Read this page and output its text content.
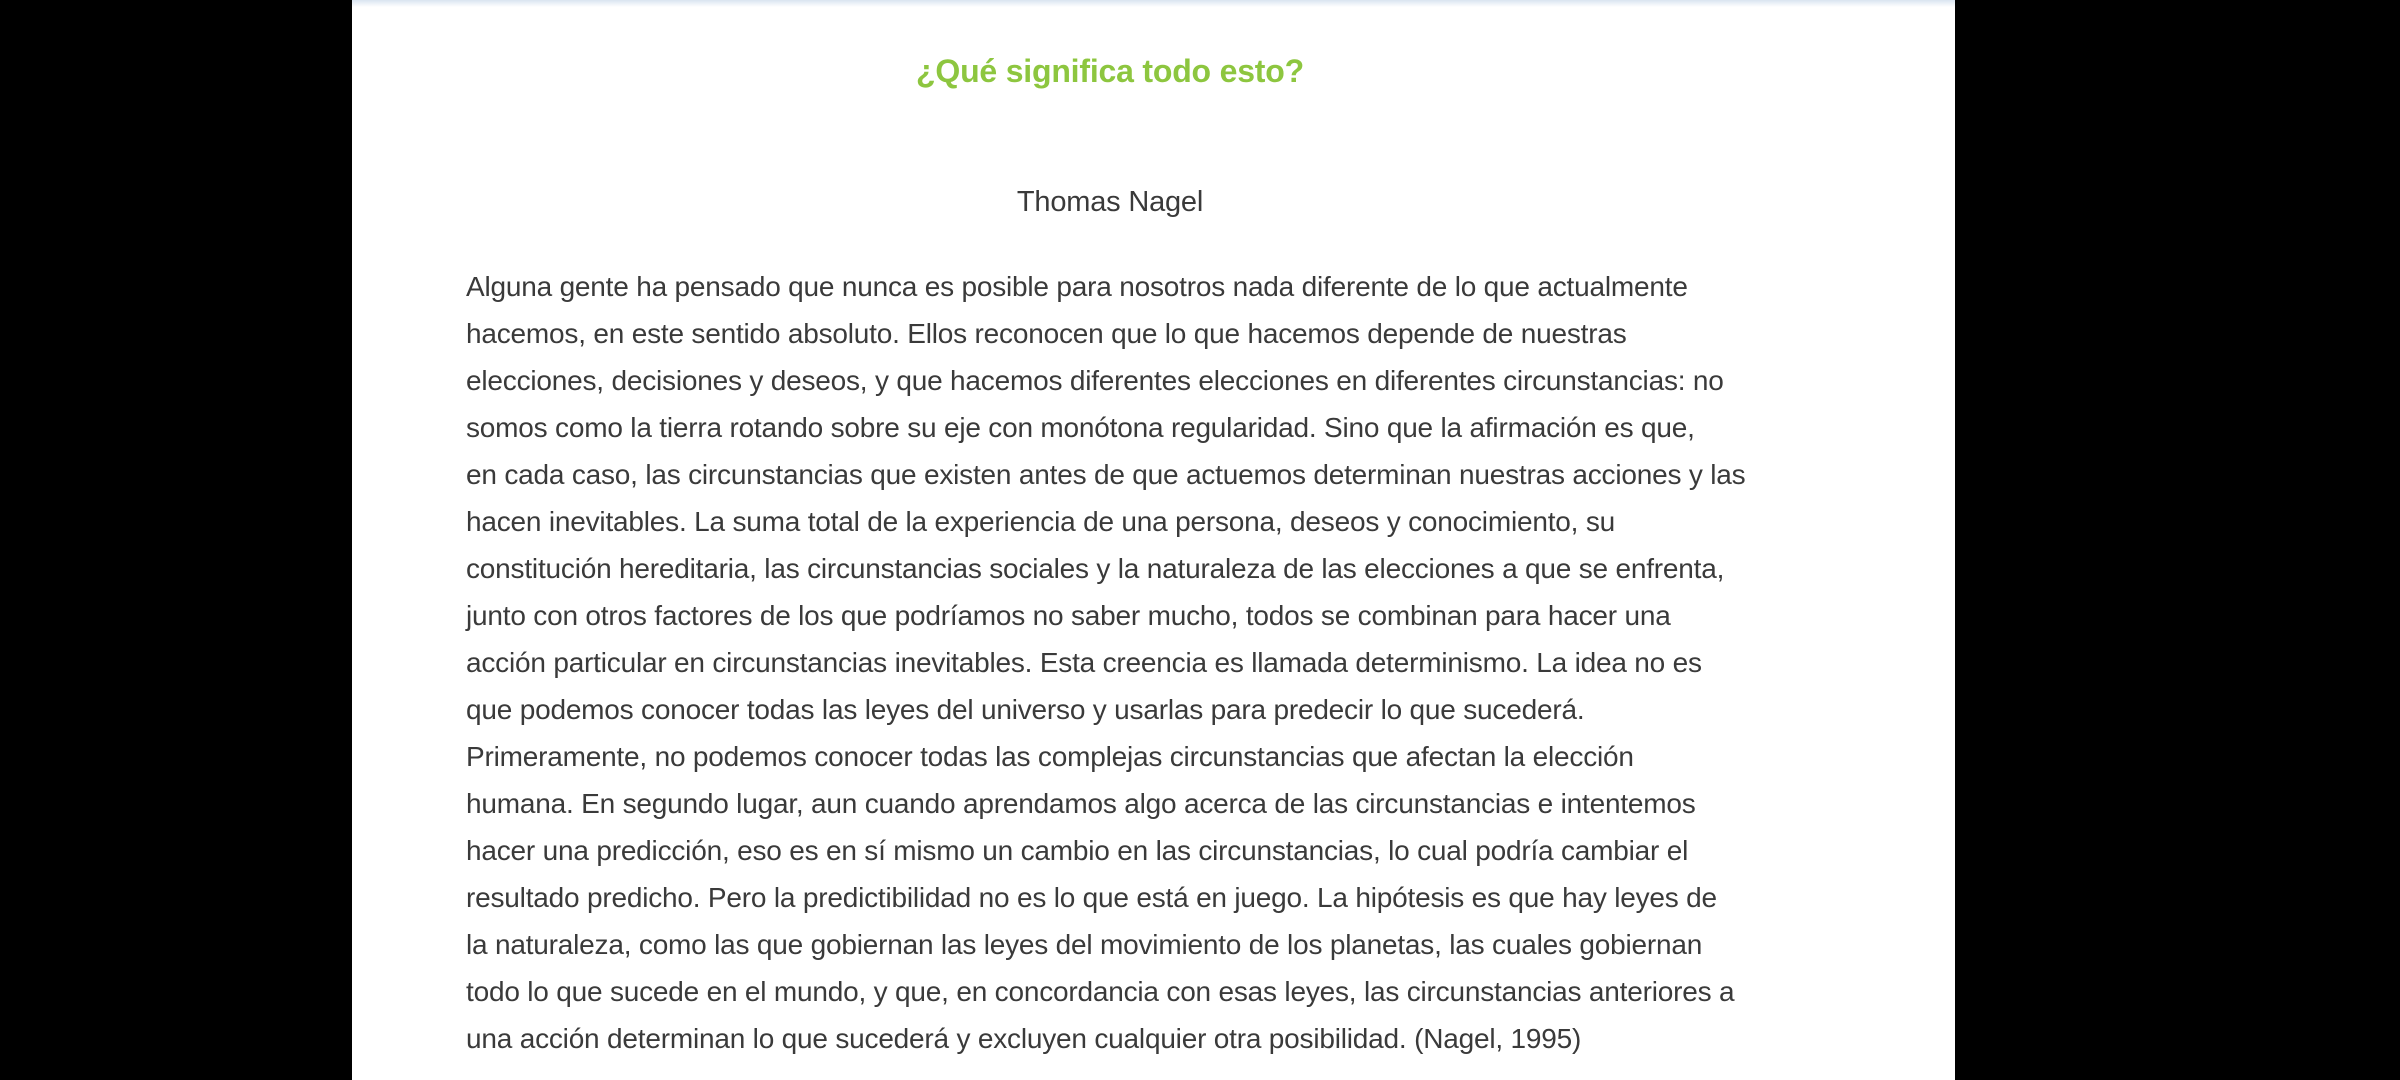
¿Qué significa todo esto?
Thomas Nagel
Alguna gente ha pensado que nunca es posible para nosotros nada diferente de lo que actualmente
hacemos, en este sentido absoluto. Ellos reconocen que lo que hacemos depende de nuestras
elecciones, decisiones y deseos, y que hacemos diferentes elecciones en diferentes circunstancias: no
somos como la tierra rotando sobre su eje con monótona regularidad. Sino que la afirmación es que,
en cada caso, las circunstancias que existen antes de que actuemos determinan nuestras acciones y las
hacen inevitables. La suma total de la experiencia de una persona, deseos y conocimiento, su
constitución hereditaria, las circunstancias sociales y la naturaleza de las elecciones a que se enfrenta,
junto con otros factores de los que podríamos no saber mucho, todos se combinan para hacer una
acción particular en circunstancias inevitables. Esta creencia es llamada determinismo. La idea no es
que podemos conocer todas las leyes del universo y usarlas para predecir lo que sucederá.
Primeramente, no podemos conocer todas las complejas circunstancias que afectan la elección
humana. En segundo lugar, aun cuando aprendamos algo acerca de las circunstancias e intentemos
hacer una predicción, eso es en sí mismo un cambio en las circunstancias, lo cual podría cambiar el
resultado predicho. Pero la predictibilidad no es lo que está en juego. La hipótesis es que hay leyes de
la naturaleza, como las que gobiernan las leyes del movimiento de los planetas, las cuales gobiernan
todo lo que sucede en el mundo, y que, en concordancia con esas leyes, las circunstancias anteriores a
una acción determinan lo que sucederá y excluyen cualquier otra posibilidad. (Nagel, 1995)
